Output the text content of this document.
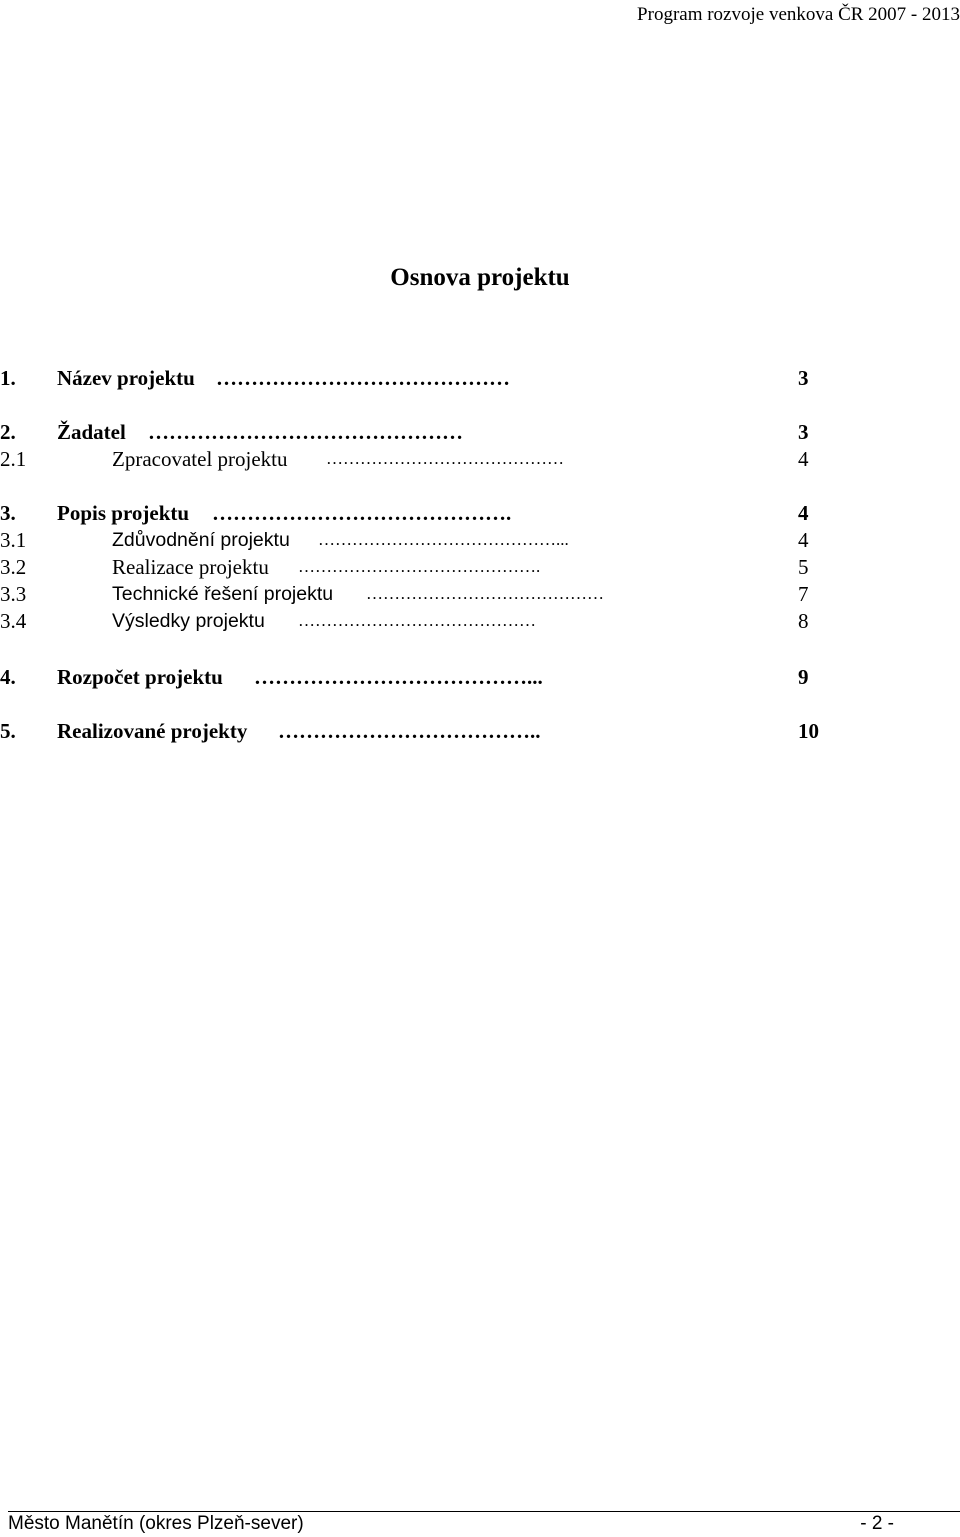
Program rozvoje venkova ČR 2007 - 2013
Osnova projektu
1. Název projektu ……………………………………	3
2. Žadatel ………………………………………	3
2.1	Zpracovatel projektu ……………………………………	4
3. Popis projektu …………………………………….	4
3.1	Zdůvodnění projektu ……………………………………...	4
3.2	Realizace projektu …………………………………….	5
3.3	Technické řešení projektu ……………………………………	7
3.4	Výsledky projektu ……………………………………	8
4. Rozpočet projektu …………………………………...	9
5. Realizované projekty ………………………………..	10
Město Manětín (okres Plzeň-sever)	- 2 -
